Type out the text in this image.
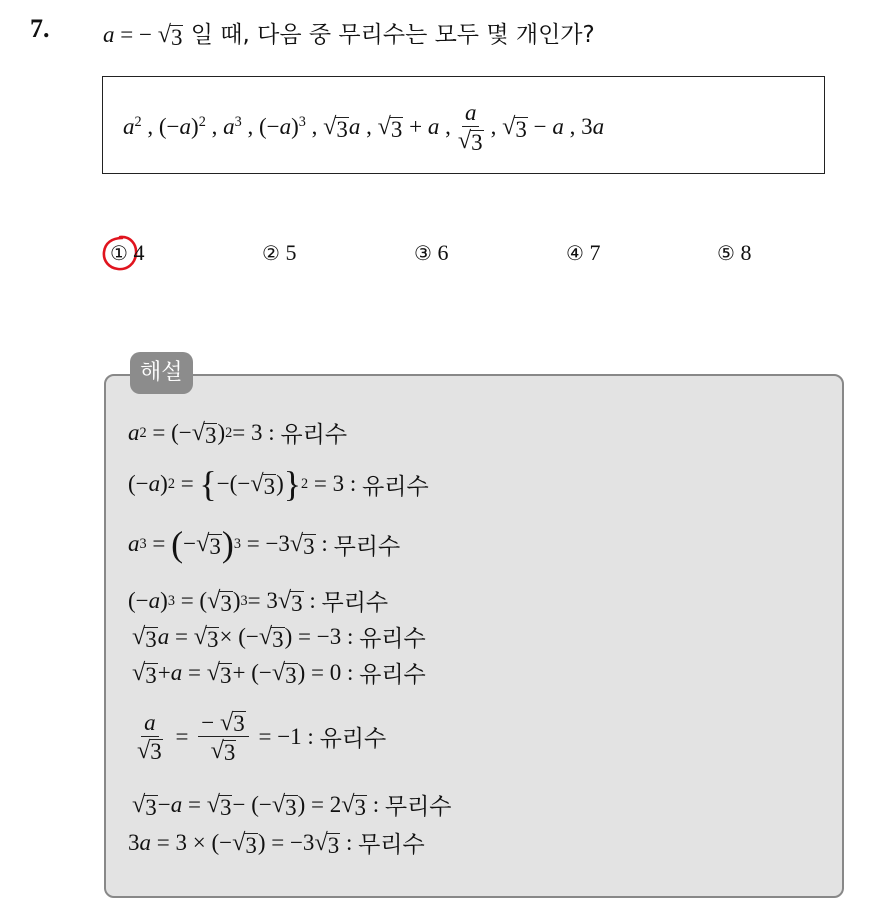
7. a = − √ 3 일 때, 다음 중 무리수는 모두 몇 개인가?
$a^2$ , $(-a)^2$ , $a^3$ , $(-a)^3$ , √ 3 a , √ 3 + a , $\frac{a}{√ 3}$ , √ 3 − a , 3a
① 4	② 5	③ 6	④ 7	⑤ 8
해설
a 2 = (− √ 3 ) 2 = 3 : 유리수
(− a ) 2 = { −(− √ 3 ) } 2 = 3 : 유리수
a 3 = ( − √ 3 ) 3 = −3 √ 3 : 무리수
(− a ) 3 = ( √ 3 ) 3 = 3 √ 3 : 무리수
√ 3 a = √ 3 × (− √ 3 ) = −3 : 유리수
√ 3 + a = √ 3 + (− √ 3 ) = 0 : 유리수
$\frac{a}{√ 3} = \frac{- √ 3}{√ 3} = -1$ : 유리수
√ 3 − a = √ 3 − (− √ 3 ) = 2 √ 3 : 무리수
3 a = 3 × (− √ 3 ) = −3 √ 3 : 무리수
